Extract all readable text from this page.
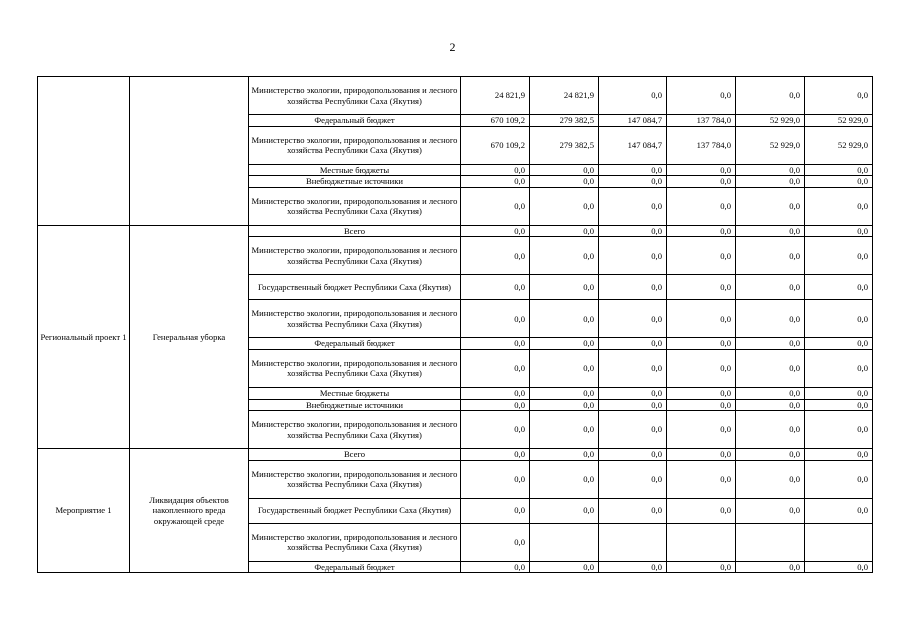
2
		Министерство экологии, природопользования и лесного хозяйства Республики Саха (Якутия)	24 821,9	24 821,9	0,0	0,0	0,0	0,0
		Федеральный бюджет	670 109,2	279 382,5	147 084,7	137 784,0	52 929,0	52 929,0
		Министерство экологии, природопользования и лесного хозяйства Республики Саха (Якутия)	670 109,2	279 382,5	147 084,7	137 784,0	52 929,0	52 929,0
		Местные бюджеты	0,0	0,0	0,0	0,0	0,0	0,0
		Внебюджетные источники	0,0	0,0	0,0	0,0	0,0	0,0
		Министерство экологии, природопользования и лесного хозяйства Республики Саха (Якутия)	0,0	0,0	0,0	0,0	0,0	0,0
Региональный проект 1	Генеральная уборка	Всего	0,0	0,0	0,0	0,0	0,0	0,0
		Министерство экологии, природопользования и лесного хозяйства Республики Саха (Якутия)	0,0	0,0	0,0	0,0	0,0	0,0
		Государственный бюджет Республики Саха (Якутия)	0,0	0,0	0,0	0,0	0,0	0,0
		Министерство экологии, природопользования и лесного хозяйства Республики Саха (Якутия)	0,0	0,0	0,0	0,0	0,0	0,0
		Федеральный бюджет	0,0	0,0	0,0	0,0	0,0	0,0
		Министерство экологии, природопользования и лесного хозяйства Республики Саха (Якутия)	0,0	0,0	0,0	0,0	0,0	0,0
		Местные бюджеты	0,0	0,0	0,0	0,0	0,0	0,0
		Внебюджетные источники	0,0	0,0	0,0	0,0	0,0	0,0
		Министерство экологии, природопользования и лесного хозяйства Республики Саха (Якутия)	0,0	0,0	0,0	0,0	0,0	0,0
Мероприятие 1	Ликвидация объектов накопленного вреда окружающей среде	Всего	0,0	0,0	0,0	0,0	0,0	0,0
		Министерство экологии, природопользования и лесного хозяйства Республики Саха (Якутия)	0,0	0,0	0,0	0,0	0,0	0,0
		Государственный бюджет Республики Саха (Якутия)	0,0	0,0	0,0	0,0	0,0	0,0
		Министерство экологии, природопользования и лесного хозяйства Республики Саха (Якутия)	0,0					
		Федеральный бюджет	0,0	0,0	0,0	0,0	0,0	0,0
